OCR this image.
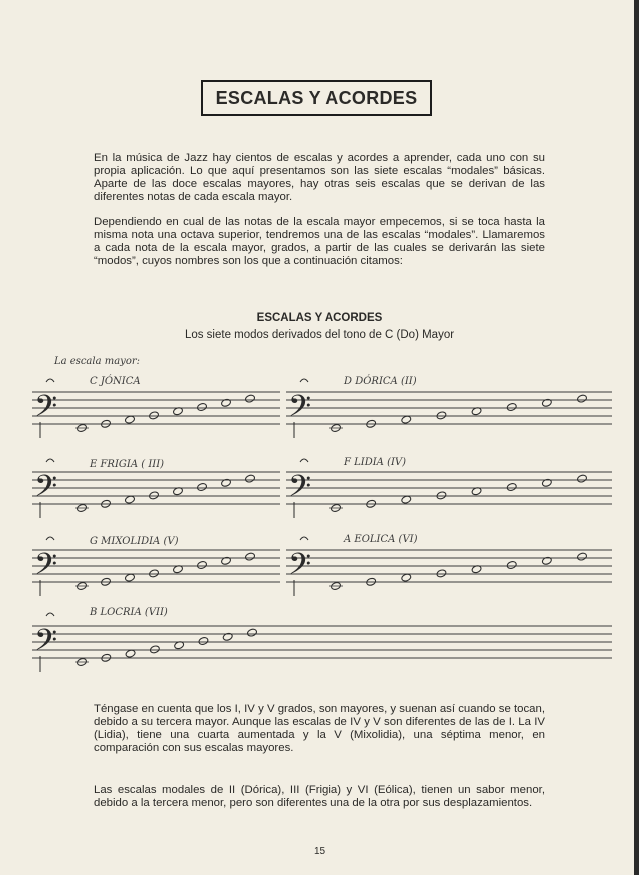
ESCALAS Y ACORDES

En la música de Jazz hay cientos de escalas y acordes a aprender, cada uno con su propia aplicación. Lo que aquí presentamos son las siete escalas “modales” básicas. Aparte de las doce escalas mayores, hay otras seis escalas que se derivan de las diferentes notas de cada escala mayor.

Dependiendo en cual de las notas de la escala mayor empecemos, si se toca hasta la misma nota una octava superior, tendremos una de las escalas “modales”. Llamaremos a cada nota de la escala mayor, grados, a partir de las cuales se derivarán las siete “modos”, cuyos nombres son los que a continuación citamos:

ESCALAS Y ACORDES

Los siete modos derivados del tono de C (Do) Mayor

La escala mayor:
C JÓNICA	D DÓRICA (II)
E FRIGIA ( III)	F LIDIA (IV)
G MIXOLIDIA (V)	A EOLICA (VI)
B LOCRIA (VII)
𝄢	𝄢
𝄢	𝄢
𝄢	𝄢
𝄢

Téngase en cuenta que los I, IV y V grados, son mayores, y suenan así cuando se tocan, debido a su tercera mayor. Aunque las escalas de IV y V son diferentes de las de I. La IV (Lidia), tiene una cuarta aumentada y la V (Mixolidia), una séptima menor, en comparación con sus escalas mayores.

Las escalas modales de II (Dórica), III (Frigia) y VI (Eólica), tienen un sabor menor, debido a la tercera menor, pero son diferentes una de la otra por sus desplazamientos.

15
